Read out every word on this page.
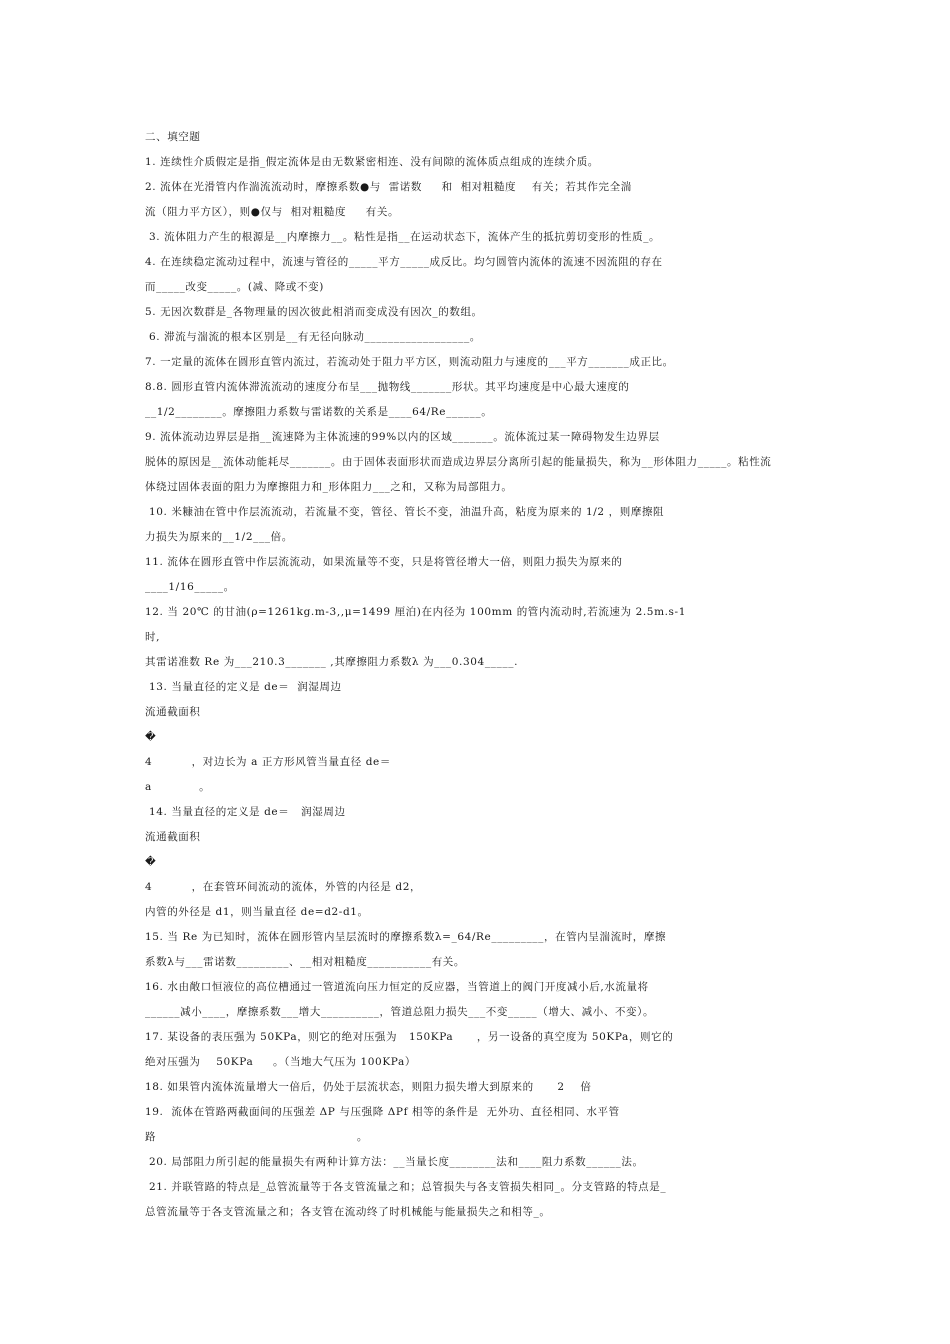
二、填空题
1. 连续性介质假定是指_假定流体是由无数紧密相连、没有间隙的流体质点组成的连续介质。
2. 流体在光滑管内作湍流流动时，摩擦系数●与  雷诺数     和  相对粗糙度    有关；若其作完全湍
流（阻力平方区），则●仅与  相对粗糙度     有关。
3. 流体阻力产生的根源是__内摩擦力__。粘性是指__在运动状态下，流体产生的抵抗剪切变形的性质_。
4. 在连续稳定流动过程中，流速与管径的_____平方_____成反比。均匀圆管内流体的流速不因流阻的存在
而_____改变_____。(减、降或不变)
5. 无因次数群是_各物理量的因次彼此相消而变成没有因次_的数组。
6. 滞流与湍流的根本区别是__有无径向脉动__________________。
7. 一定量的流体在圆形直管内流过，若流动处于阻力平方区，则流动阻力与速度的___平方_______成正比。
8.8. 圆形直管内流体滞流流动的速度分布呈___抛物线_______形状。其平均速度是中心最大速度的
__1/2________。摩擦阻力系数与雷诺数的关系是____64/Re______。
9. 流体流动边界层是指__流速降为主体流速的99%以内的区域_______。流体流过某一障碍物发生边界层
脱体的原因是__流体动能耗尽_______。由于固体表面形状而造成边界层分离所引起的能量损失，称为__形体阻力_____。粘性流
体绕过固体表面的阻力为摩擦阻力和_形体阻力___之和，又称为局部阻力。
10. 米糠油在管中作层流流动，若流量不变，管径、管长不变，油温升高，粘度为原来的 1/2 ，则摩擦阻
力损失为原来的__1/2___倍。
11. 流体在圆形直管中作层流流动，如果流量等不变，只是将管径增大一倍，则阻力损失为原来的
____1/16_____。
12. 当 20℃ 的甘油(ρ=1261kg.m-3,,μ=1499 厘泊)在内径为 100mm 的管内流动时,若流速为 2.5m.s-1
时,
其雷诺准数 Re 为___210.3_______ ,其摩擦阻力系数λ 为___0.304_____.
13. 当量直径的定义是 de＝  润湿周边
流通截面积
�
4          ，对边长为 a 正方形风管当量直径 de＝
a            。
14. 当量直径的定义是 de＝   润湿周边
流通截面积
�
4          ，在套管环间流动的流体，外管的内径是 d2，
内管的外径是 d1，则当量直径 de=d2-d1。
15. 当 Re 为已知时，流体在圆形管内呈层流时的摩擦系数λ=_64/Re_________，在管内呈湍流时，摩擦
系数λ与___雷诺数_________、__相对粗糙度___________有关。
16. 水由敞口恒液位的高位槽通过一管道流向压力恒定的反应器，当管道上的阀门开度减小后,水流量将
______减小____，摩擦系数___增大__________，管道总阻力损失___不变_____（增大、减小、不变）。
17. 某设备的表压强为 50KPa，则它的绝对压强为   150KPa      ，另一设备的真空度为 50KPa，则它的
绝对压强为    50KPa     。（当地大气压为 100KPa）
18. 如果管内流体流量增大一倍后，仍处于层流状态，则阻力损失增大到原来的      2    倍
19.  流体在管路两截面间的压强差 ΔP 与压强降 ΔPf 相等的条件是  无外功、直径相同、水平管
路                                                   。
20. 局部阻力所引起的能量损失有两种计算方法：__当量长度________法和____阻力系数______法。
21. 并联管路的特点是_总管流量等于各支管流量之和；总管损失与各支管损失相同_。分支管路的特点是_
总管流量等于各支管流量之和；各支管在流动终了时机械能与能量损失之和相等_。
